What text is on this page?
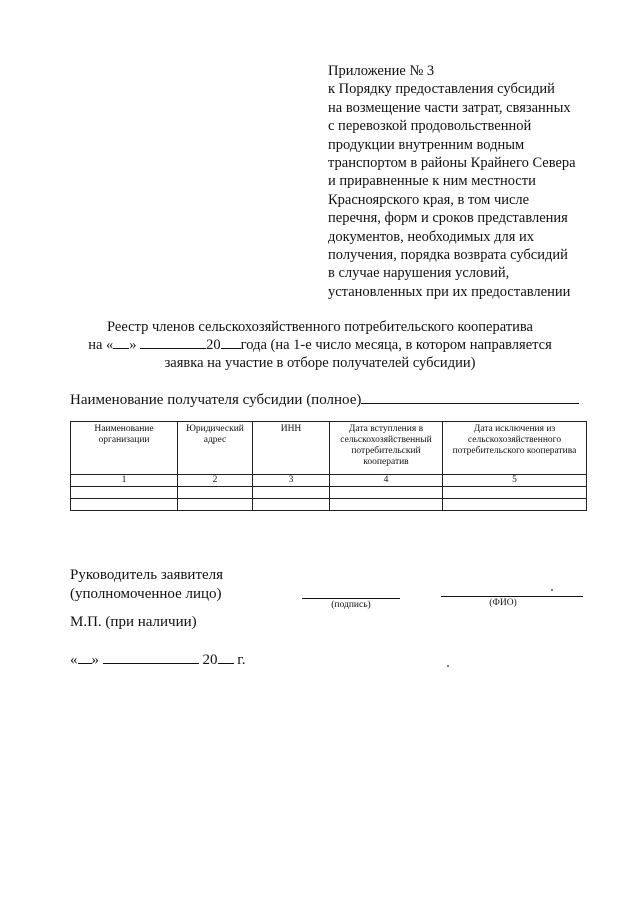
Приложение № 3
к Порядку предоставления субсидий
на возмещение части затрат, связанных
с перевозкой продовольственной
продукции внутренним водным
транспортом в районы Крайнего Севера
и приравненные к ним местности
Красноярского края, в том числе
перечня, форм и сроков представления
документов, необходимых для их
получения, порядка возврата субсидий
в случае нарушения условий,
установленных при их предоставлении
Реестр членов сельскохозяйственного потребительского кооператива
на « »	20 года (на 1-е число месяца, в котором направляется
заявка на участие в отборе получателей субсидии)
Наименование получателя субсидии (полное)
Наименование организации	Юридический адрес	ИНН	Дата вступления в сельскохозяйственный потребительский кооператив	Дата исключения из сельскохозяйственного потребительского кооператива
1	2	3	4	5

Руководитель заявителя
(уполномоченное лицо)
(подпись)	(ФИО)
М.П. (при наличии)
« »	20 г.
